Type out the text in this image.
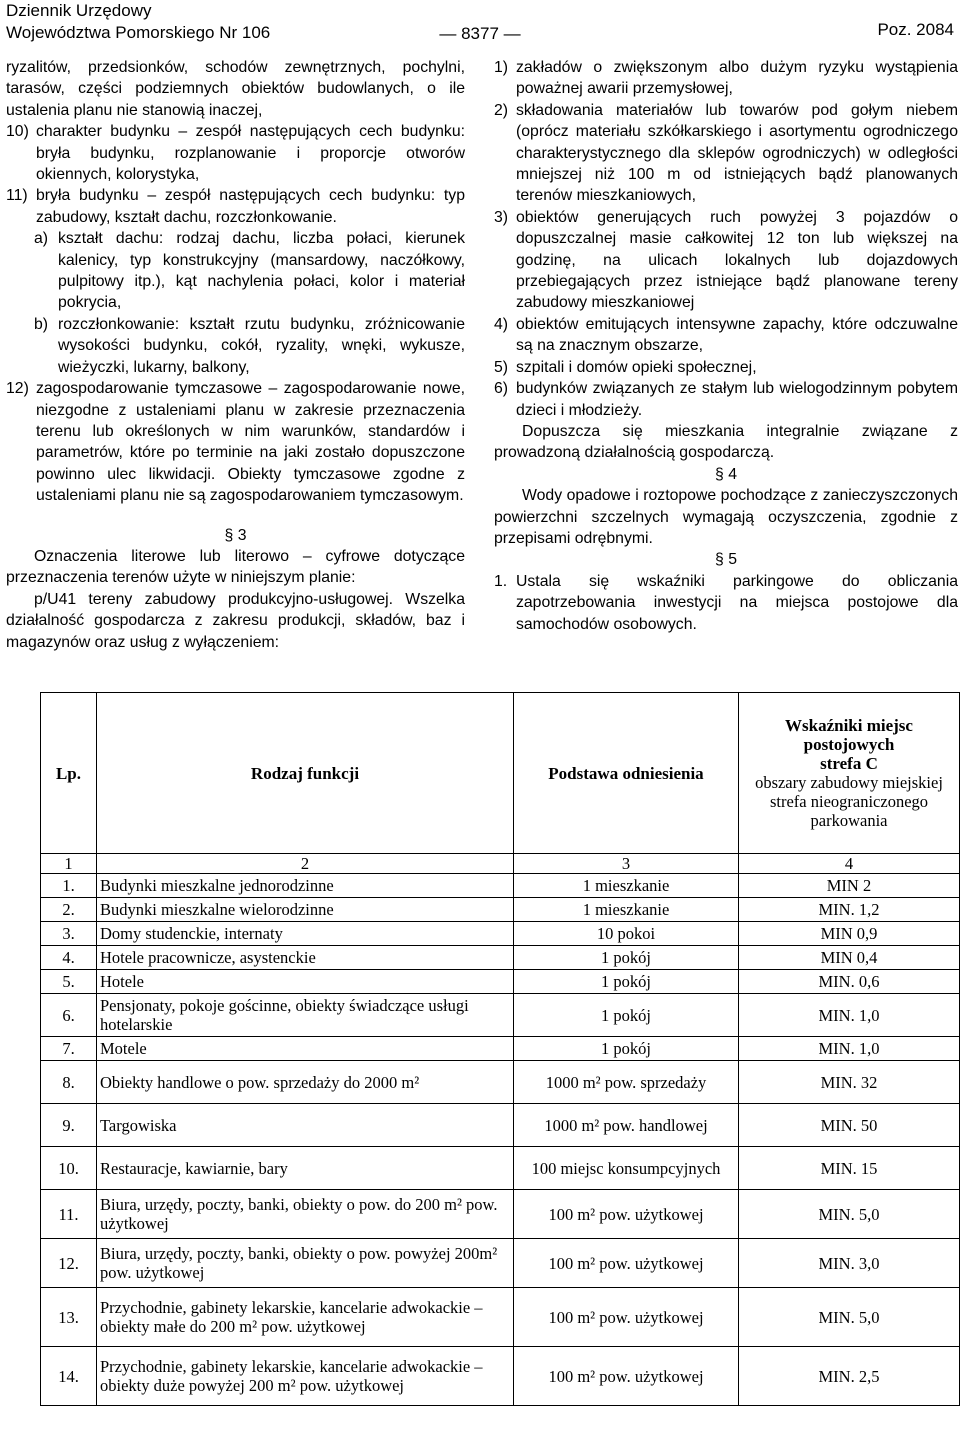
Dziennik Urzędowy
Województwa Pomorskiego Nr 106	— 8377 —	Poz. 2084

ryzalitów, przedsionków, schodów zewnętrznych, pochylni, tarasów, części podziemnych obiektów budowlanych, o ile ustalenia planu nie stanowią inaczej,

10) charakter budynku – zespół następujących cech budynku: bryła budynku, rozplanowanie i proporcje otworów okiennych, kolorystyka,
11) bryła budynku – zespół następujących cech budynku: typ zabudowy, kształt dachu, rozczłonkowanie.
a) kształt dachu: rodzaj dachu, liczba połaci, kierunek kalenicy, typ konstrukcyjny (mansardowy, naczółkowy, pulpitowy itp.), kąt nachylenia połaci, kolor i materiał pokrycia,
b) rozczłonkowanie: kształt rzutu budynku, zróżnicowanie wysokości budynku, cokół, ryzality, wnęki, wykusze, wieżyczki, lukarny, balkony,
12) zagospodarowanie tymczasowe – zagospodarowanie nowe, niezgodne z ustaleniami planu w zakresie przeznaczenia terenu lub określonych w nim warunków, standardów i parametrów, które po terminie na jaki zostało dopuszczone powinno ulec likwidacji. Obiekty tymczasowe zgodne z ustaleniami planu nie są zagospodarowaniem tymczasowym.

§ 3

Oznaczenia literowe lub literowo – cyfrowe dotyczące przeznaczenia terenów użyte w niniejszym planie:

p/U41 tereny zabudowy produkcyjno-usługowej. Wszelka działalność gospodarcza z zakresu produkcji, składów, baz i magazynów oraz usług z wyłączeniem:

1) zakładów o zwiększonym albo dużym ryzyku wystąpienia poważnej awarii przemysłowej,
2) składowania materiałów lub towarów pod gołym niebem (oprócz materiału szkółkarskiego i asortymentu ogrodniczego charakterystycznego dla sklepów ogrodniczych) w odległości mniejszej niż 100 m od istniejących bądź planowanych terenów mieszkaniowych,
3) obiektów generujących ruch powyżej 3 pojazdów o dopuszczalnej masie całkowitej 12 ton lub większej na godzinę, na ulicach lokalnych lub dojazdowych przebiegających przez istniejące bądź planowane tereny zabudowy mieszkaniowej
4) obiektów emitujących intensywne zapachy, które odczuwalne są na znacznym obszarze,
5) szpitali i domów opieki społecznej,
6) budynków związanych ze stałym lub wielogodzinnym pobytem dzieci i młodzieży.

Dopuszcza się mieszkania integralnie związane z prowadzoną działalnością gospodarczą.

§ 4

Wody opadowe i roztopowe pochodzące z zanieczyszczonych powierzchni szczelnych wymagają oczyszczenia, zgodnie z przepisami odrębnymi.

§ 5

1. Ustala się wskaźniki parkingowe do obliczania zapotrzebowania inwestycji na miejsca postojowe dla samochodów osobowych.
Lp.	Rodzaj funkcji	Podstawa odniesienia	Wskaźniki miejsc postojowych
strefa C
obszary zabudowy miejskiej
strefa nieograniczonego parkowania

1	2	3	4
1.	Budynki mieszkalne jednorodzinne	1 mieszkanie	MIN 2
2.	Budynki mieszkalne wielorodzinne	1 mieszkanie	MIN. 1,2
3.	Domy studenckie, internaty	10 pokoi	MIN 0,9
4.	Hotele pracownicze, asystenckie	1 pokój	MIN 0,4
5.	Hotele	1 pokój	MIN. 0,6
6.	Pensjonaty, pokoje gościnne, obiekty świadczące usługi hotelarskie	1 pokój	MIN. 1,0
7.	Motele	1 pokój	MIN. 1,0
8.	Obiekty handlowe o pow. sprzedaży do 2000 m²	1000 m² pow. sprzedaży	MIN. 32
9.	Targowiska	1000 m² pow. handlowej	MIN. 50
10.	Restauracje, kawiarnie, bary	100 miejsc konsumpcyjnych	MIN. 15
11.	Biura, urzędy, poczty, banki, obiekty o pow. do 200 m² pow. użytkowej	100 m² pow. użytkowej	MIN. 5,0
12.	Biura, urzędy, poczty, banki, obiekty o pow. powyżej 200m² pow. użytkowej	100 m² pow. użytkowej	MIN. 3,0
13.	Przychodnie, gabinety lekarskie, kancelarie adwokackie – obiekty małe do 200 m² pow. użytkowej	100 m² pow. użytkowej	MIN. 5,0
14.	Przychodnie, gabinety lekarskie, kancelarie adwokackie – obiekty duże powyżej 200 m² pow. użytkowej	100 m² pow. użytkowej	MIN. 2,5
